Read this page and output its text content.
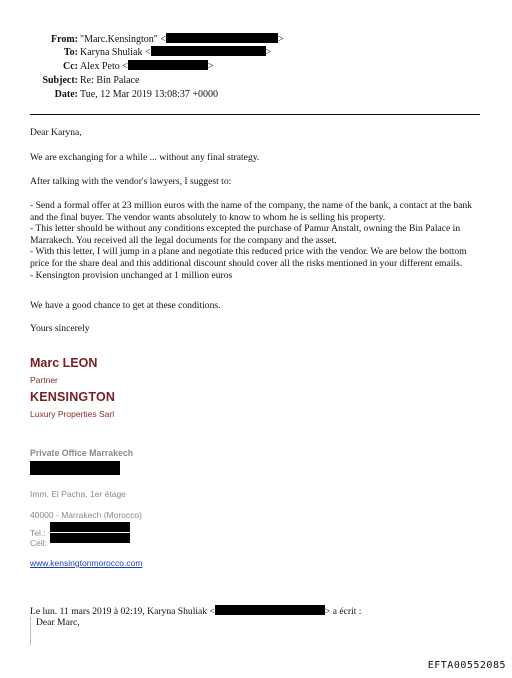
From: "Marc.Kensington" <	>
To: Karyna Shuliak <	>
Cc: Alex Peto <	>
Subject: Re: Bin Palace
Date: Tue, 12 Mar 2019 13:08:37 +0000

Dear Karyna,

We are exchanging for a while ... without any final strategy.

After talking with the vendor's lawyers, I suggest to:

- Send a formal offer at 23 million euros with the name of the company, the name of the bank, a contact at the bank and the final buyer. The vendor wants absolutely to know to whom he is selling his property.

- This letter should be without any conditions excepted the purchase of Pamur Anstalt, owning the Bin Palace in Marrakech. You received all the legal documents for the company and the asset.

- With this letter, I will jump in a plane and negotiate this reduced price with the vendor. We are below the bottom price for the share deal and this additional discount should cover all the risks mentioned in your different emails.

- Kensington provision unchanged at 1 million euros

We have a good chance to get at these conditions.

Yours sincerely

Marc LEON
Partner
KENSINGTON
Luxury Properties Sarl
Private Office Marrakech
Imm. El Pacha, 1er étage
40000 - Marrakech (Morocco)
Tel.:
Cell:
www.kensingtonmorocco.com
Le lun. 11 mars 2019 à 02:19, Karyna Shuliak <	> a écrit :
Dear Marc,
EFTA00552085
